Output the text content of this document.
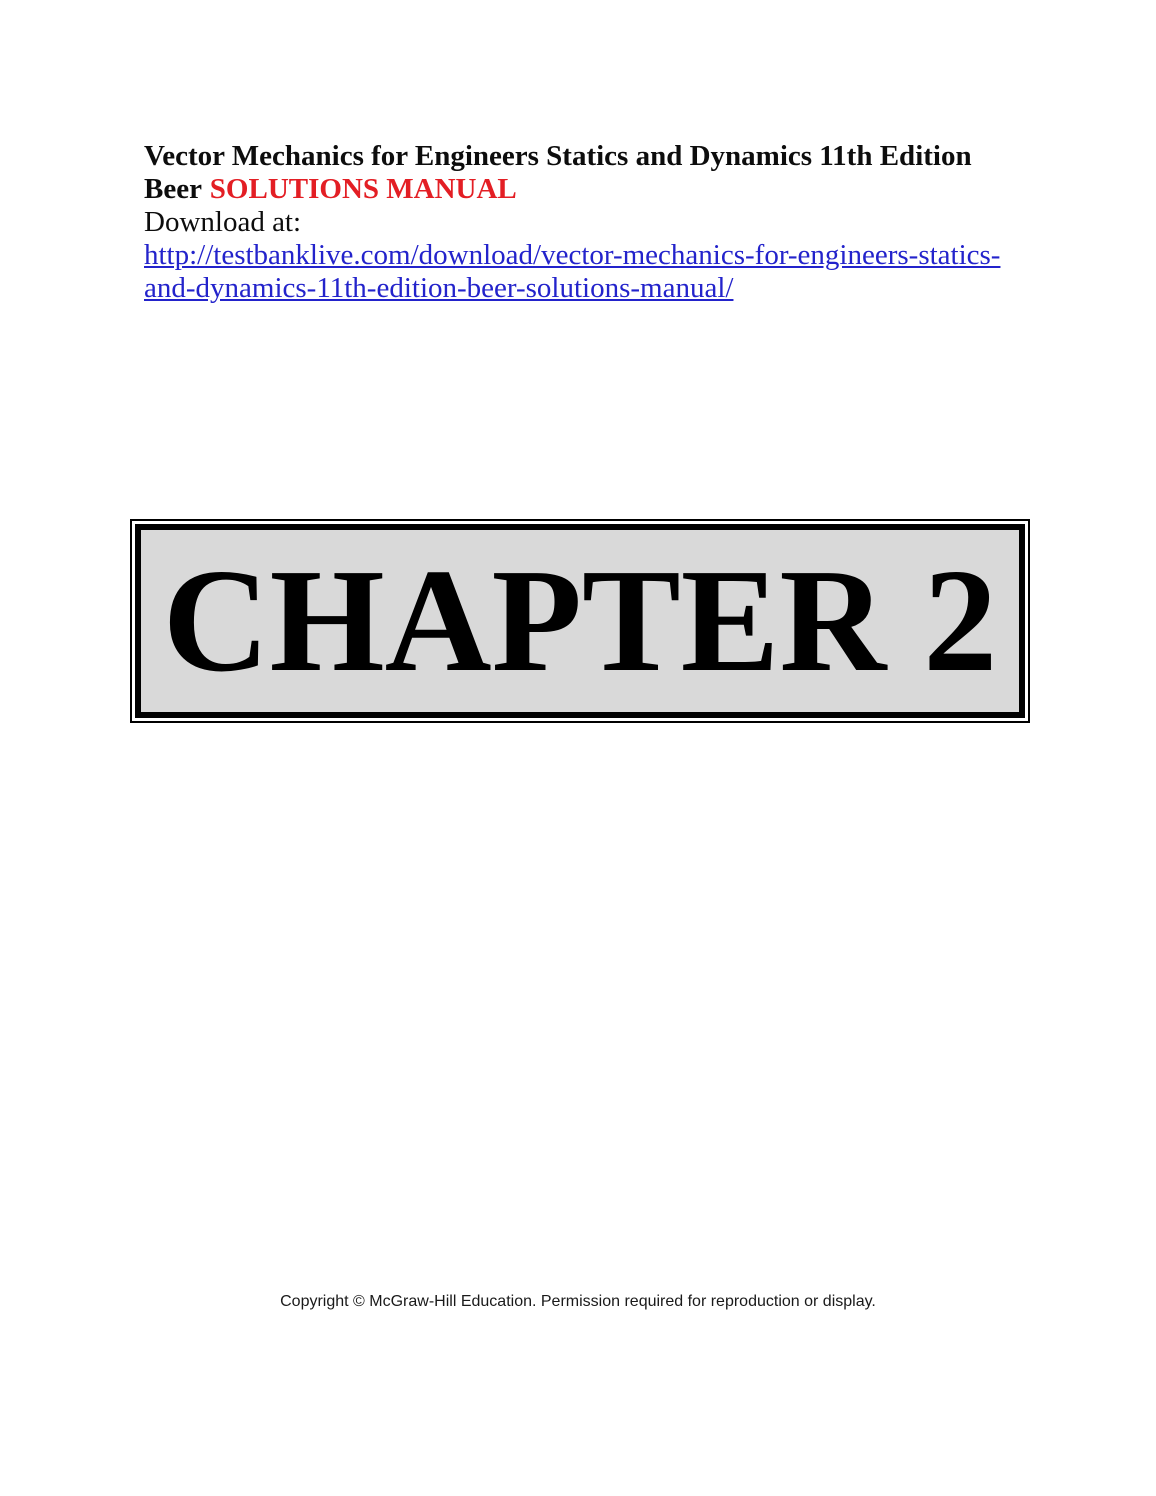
Vector Mechanics for Engineers Statics and Dynamics 11th Edition
Beer SOLUTIONS MANUAL
Download at:
http://testbanklive.com/download/vector-mechanics-for-engineers-statics-
and-dynamics-11th-edition-beer-solutions-manual/
CHAPTER 2
Copyright © McGraw-Hill Education. Permission required for reproduction or display.
